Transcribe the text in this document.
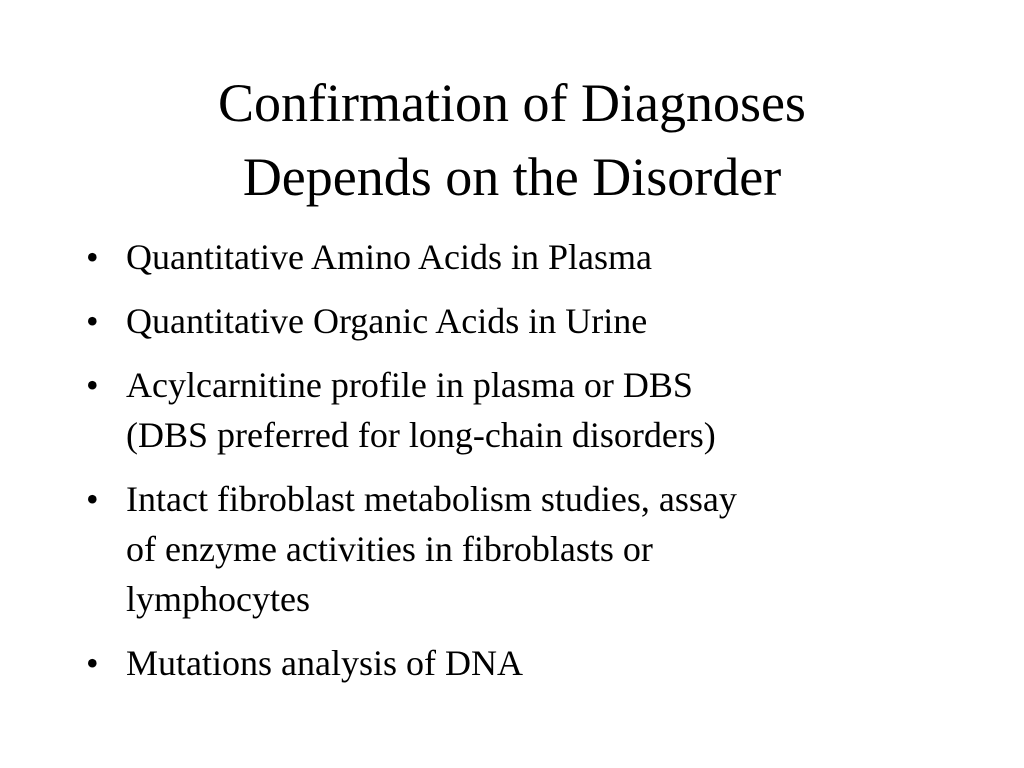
Confirmation of Diagnoses
Depends on the Disorder
• Quantitative Amino Acids in Plasma
• Quantitative Organic Acids in Urine
• Acylcarnitine profile in plasma or DBS
(DBS preferred for long-chain disorders)
• Intact fibroblast metabolism studies, assay
of enzyme activities in fibroblasts or
lymphocytes
• Mutations analysis of DNA
